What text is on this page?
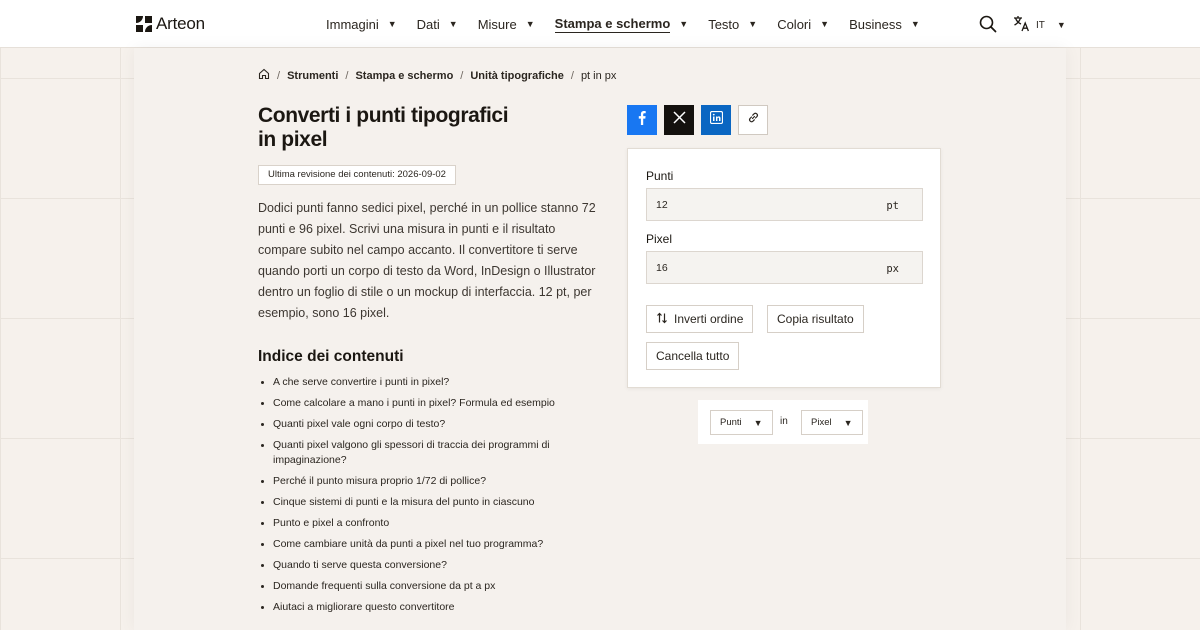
Arteon	Immagini ▼ Dati ▼ Misure ▼ Stampa e schermo ▼ Testo ▼ Colori ▼ Business ▼	IT ▼
/ Strumenti / Stampa e schermo / Unità tipografiche / pt in px
Converti i punti tipografici in pixel
Ultima revisione dei contenuti: 2026-09-02

Dodici punti fanno sedici pixel, perché in un pollice stanno 72 punti e 96 pixel. Scrivi una misura in punti e il risultato compare subito nel campo accanto. Il convertitore ti serve quando porti un corpo di testo da Word, InDesign o Illustrator dentro un foglio di stile o un mockup di interfaccia. 12 pt, per esempio, sono 16 pixel.

Indice dei contenuti
A che serve convertire i punti in pixel?
Come calcolare a mano i punti in pixel? Formula ed esempio
Quanti pixel vale ogni corpo di testo?
Quanti pixel valgono gli spessori di traccia dei programmi di impaginazione?
Perché il punto misura proprio 1/72 di pollice?
Cinque sistemi di punti e la misura del punto in ciascuno
Punto e pixel a confronto
Come cambiare unità da punti a pixel nel tuo programma?
Quando ti serve questa conversione?
Domande frequenti sulla conversione da pt a px
Aiutaci a migliorare questo convertitore
Punti
12
pt
Pixel
16
px
Inverti ordine	Copia risultato
Cancella tutto
Punti ▼ in Pixel ▼
